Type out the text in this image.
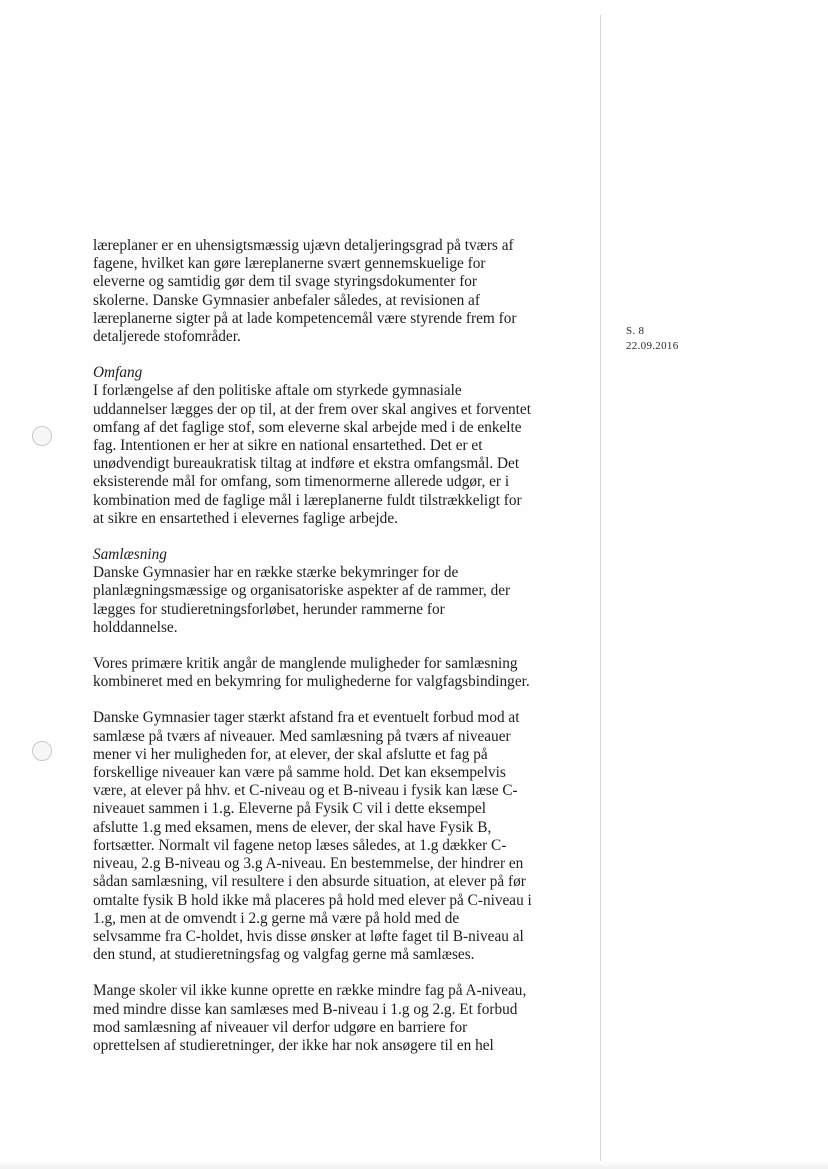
S. 8
22.09.2016
læreplaner er en uhensigtsmæssig ujævn detaljeringsgrad på tværs af
fagene, hvilket kan gøre læreplanerne svært gennemskuelige for
eleverne og samtidig gør dem til svage styringsdokumenter for
skolerne. Danske Gymnasier anbefaler således, at revisionen af
læreplanerne sigter på at lade kompetencemål være styrende frem for
detaljerede stofområder.
Omfang
I forlængelse af den politiske aftale om styrkede gymnasiale
uddannelser lægges der op til, at der frem over skal angives et forventet
omfang af det faglige stof, som eleverne skal arbejde med i de enkelte
fag. Intentionen er her at sikre en national ensartethed. Det er et
unødvendigt bureaukratisk tiltag at indføre et ekstra omfangsmål. Det
eksisterende mål for omfang, som timenormerne allerede udgør, er i
kombination med de faglige mål i læreplanerne fuldt tilstrækkeligt for
at sikre en ensartethed i elevernes faglige arbejde.
Samlæsning
Danske Gymnasier har en række stærke bekymringer for de
planlægningsmæssige og organisatoriske aspekter af de rammer, der
lægges for studieretningsforløbet, herunder rammerne for
holddannelse.
Vores primære kritik angår de manglende muligheder for samlæsning
kombineret med en bekymring for mulighederne for valgfagsbindinger.
Danske Gymnasier tager stærkt afstand fra et eventuelt forbud mod at
samlæse på tværs af niveauer. Med samlæsning på tværs af niveauer
mener vi her muligheden for, at elever, der skal afslutte et fag på
forskellige niveauer kan være på samme hold. Det kan eksempelvis
være, at elever på hhv. et C-niveau og et B-niveau i fysik kan læse C-
niveauet sammen i 1.g. Eleverne på Fysik C vil i dette eksempel
afslutte 1.g med eksamen, mens de elever, der skal have Fysik B,
fortsætter. Normalt vil fagene netop læses således, at 1.g dækker C-
niveau, 2.g B-niveau og 3.g A-niveau. En bestemmelse, der hindrer en
sådan samlæsning, vil resultere i den absurde situation, at elever på før
omtalte fysik B hold ikke må placeres på hold med elever på C-niveau i
1.g, men at de omvendt i 2.g gerne må være på hold med de
selvsamme fra C-holdet, hvis disse ønsker at løfte faget til B-niveau al
den stund, at studieretningsfag og valgfag gerne må samlæses.
Mange skoler vil ikke kunne oprette en række mindre fag på A-niveau,
med mindre disse kan samlæses med B-niveau i 1.g og 2.g. Et forbud
mod samlæsning af niveauer vil derfor udgøre en barriere for
oprettelsen af studieretninger, der ikke har nok ansøgere til en hel
